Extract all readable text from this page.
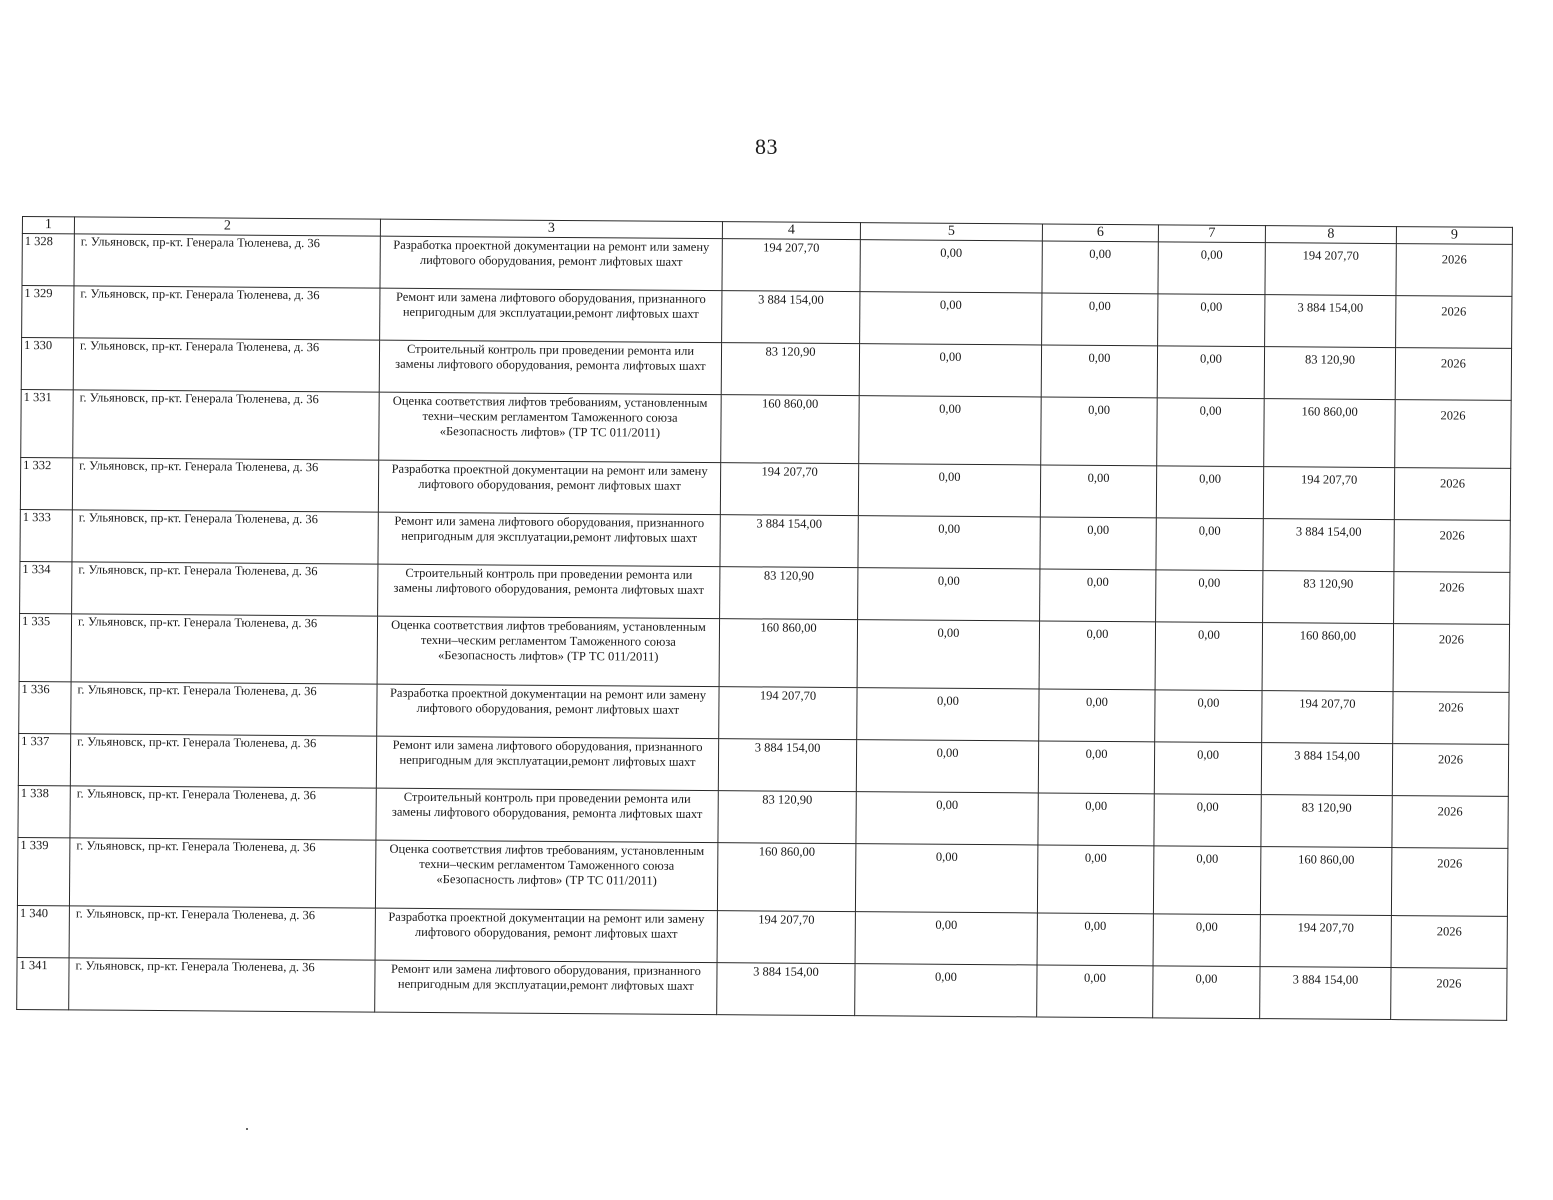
83
1	2	3	4	5	6	7	8	9
1 328	г. Ульяновск, пр-кт. Генерала Тюленева, д. 36	Разработка проектной документации на ремонт или замену лифтового оборудования, ремонт лифтовых шахт	194 207,70	0,00	0,00	0,00	194 207,70	2026
1 329	г. Ульяновск, пр-кт. Генерала Тюленева, д. 36	Ремонт или замена лифтового оборудования, признанного непригодным для эксплуатации,ремонт лифтовых шахт	3 884 154,00	0,00	0,00	0,00	3 884 154,00	2026
1 330	г. Ульяновск, пр-кт. Генерала Тюленева, д. 36	Строительный контроль при проведении ремонта или замены лифтового оборудования, ремонта лифтовых шахт	83 120,90	0,00	0,00	0,00	83 120,90	2026
1 331	г. Ульяновск, пр-кт. Генерала Тюленева, д. 36	Оценка соответствия лифтов требованиям, установленным техни–ческим регламентом Таможенного союза «Безопасность лифтов» (ТР ТС 011/2011)	160 860,00	0,00	0,00	0,00	160 860,00	2026
1 332	г. Ульяновск, пр-кт. Генерала Тюленева, д. 36	Разработка проектной документации на ремонт или замену лифтового оборудования, ремонт лифтовых шахт	194 207,70	0,00	0,00	0,00	194 207,70	2026
1 333	г. Ульяновск, пр-кт. Генерала Тюленева, д. 36	Ремонт или замена лифтового оборудования, признанного непригодным для эксплуатации,ремонт лифтовых шахт	3 884 154,00	0,00	0,00	0,00	3 884 154,00	2026
1 334	г. Ульяновск, пр-кт. Генерала Тюленева, д. 36	Строительный контроль при проведении ремонта или замены лифтового оборудования, ремонта лифтовых шахт	83 120,90	0,00	0,00	0,00	83 120,90	2026
1 335	г. Ульяновск, пр-кт. Генерала Тюленева, д. 36	Оценка соответствия лифтов требованиям, установленным техни–ческим регламентом Таможенного союза «Безопасность лифтов» (ТР ТС 011/2011)	160 860,00	0,00	0,00	0,00	160 860,00	2026
1 336	г. Ульяновск, пр-кт. Генерала Тюленева, д. 36	Разработка проектной документации на ремонт или замену лифтового оборудования, ремонт лифтовых шахт	194 207,70	0,00	0,00	0,00	194 207,70	2026
1 337	г. Ульяновск, пр-кт. Генерала Тюленева, д. 36	Ремонт или замена лифтового оборудования, признанного непригодным для эксплуатации,ремонт лифтовых шахт	3 884 154,00	0,00	0,00	0,00	3 884 154,00	2026
1 338	г. Ульяновск, пр-кт. Генерала Тюленева, д. 36	Строительный контроль при проведении ремонта или замены лифтового оборудования, ремонта лифтовых шахт	83 120,90	0,00	0,00	0,00	83 120,90	2026
1 339	г. Ульяновск, пр-кт. Генерала Тюленева, д. 36	Оценка соответствия лифтов требованиям, установленным техни–ческим регламентом Таможенного союза «Безопасность лифтов» (ТР ТС 011/2011)	160 860,00	0,00	0,00	0,00	160 860,00	2026
1 340	г. Ульяновск, пр-кт. Генерала Тюленева, д. 36	Разработка проектной документации на ремонт или замену лифтового оборудования, ремонт лифтовых шахт	194 207,70	0,00	0,00	0,00	194 207,70	2026
1 341	г. Ульяновск, пр-кт. Генерала Тюленева, д. 36	Ремонт или замена лифтового оборудования, признанного непригодным для эксплуатации,ремонт лифтовых шахт	3 884 154,00	0,00	0,00	0,00	3 884 154,00	2026
